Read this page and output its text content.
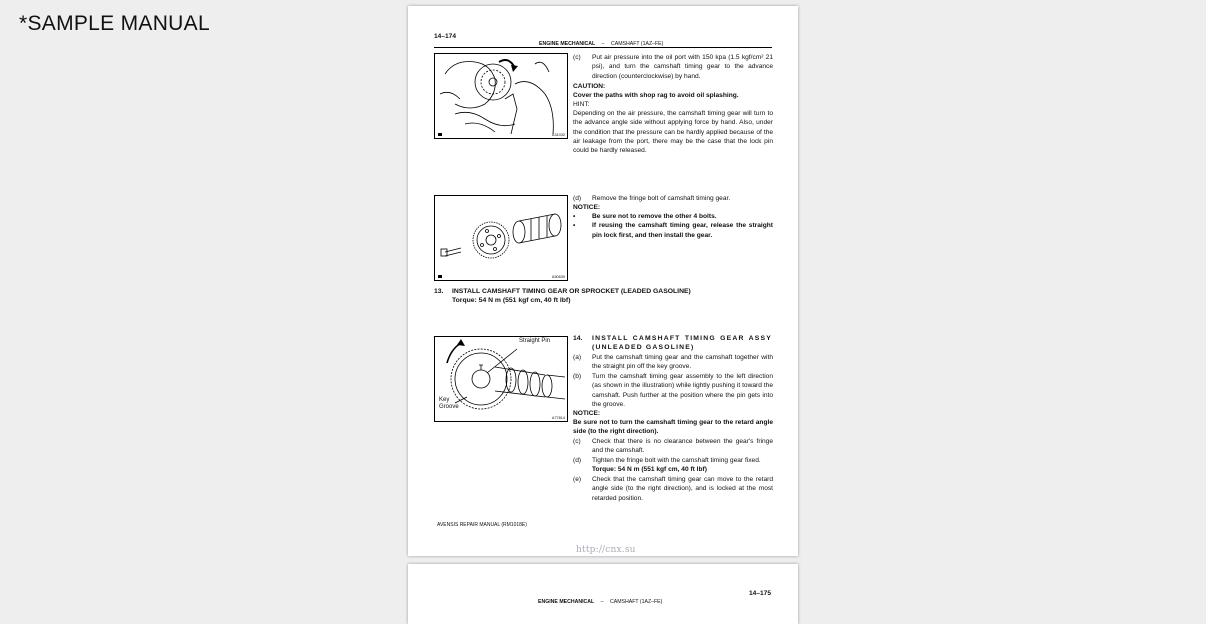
*SAMPLE MANUAL
14–174
ENGINE MECHANICAL – CAMSHAFT (1AZ–FE)
A31032
(c) Put air pressure into the oil port with 150 kpa (1.5 kgf/cm² 21 psi), and turn the camshaft timing gear to the advance direction (counterclockwise) by hand.
CAUTION:
Cover the paths with shop rag to avoid oil splashing.
HINT:
Depending on the air pressure, the camshaft timing gear will turn to the advance angle side without applying force by hand. Also, under the condition that the pressure can be hardly applied because of the air leakage from the port, there may be the case that the lock pin could be hardly released.
A50639
(d) Remove the fringe bolt of camshaft timing gear.
NOTICE:
•	Be sure not to remove the other 4 bolts.
•	If reusing the camshaft timing gear, release the straight pin lock first, and then install the gear.
13. INSTALL CAMSHAFT TIMING GEAR OR SPROCKET (LEADED GASOLINE)
Torque: 54 N m (551 kgf cm, 40 ft lbf)
Straight Pin
Key Groove
A77814
14. INSTALL CAMSHAFT TIMING GEAR ASSY (UNLEADED GASOLINE)
(a) Put the camshaft timing gear and the camshaft together with the straight pin off the key groove.
(b) Turn the camshaft timing gear assembly to the left direction (as shown in the illustration) while lightly pushing it toward the camshaft. Push further at the position where the pin gets into the groove.
NOTICE:
Be sure not to turn the camshaft timing gear to the retard angle side (to the right direction).
(c) Check that there is no clearance between the gear's fringe and the camshaft.
(d) Tighten the fringe bolt with the camshaft timing gear fixed.
Torque: 54 N m (551 kgf cm, 40 ft lbf)
(e) Check that the camshaft timing gear can move to the retard angle side (to the right direction), and is locked at the most retarded position.
AVENSIS REPAIR MANUAL (RM1018E)
http://cnx.su
14–175
ENGINE MECHANICAL – CAMSHAFT (1AZ–FE)
